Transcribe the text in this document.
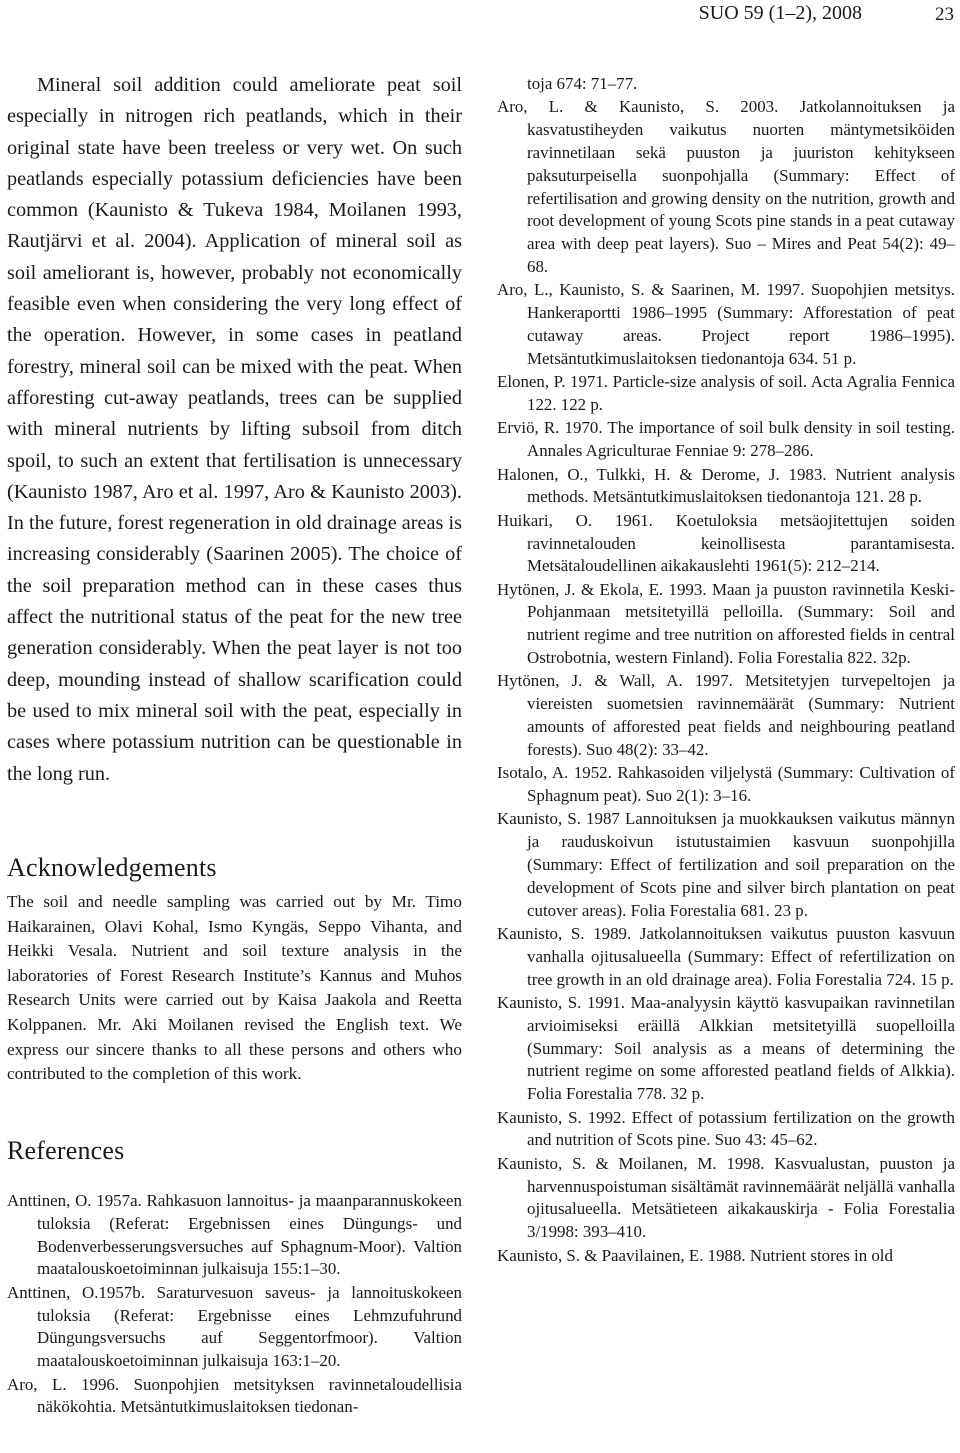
SUO 59 (1–2), 2008	23

Mineral soil addition could ameliorate peat soil especially in nitrogen rich peatlands, which in their original state have been treeless or very wet. On such peatlands especially potassium deficiencies have been common (Kaunisto & Tukeva 1984, Moilanen 1993, Rautjärvi et al. 2004). Application of mineral soil as soil ameliorant is, however, probably not economically feasible even when considering the very long effect of the operation. However, in some cases in peatland forestry, mineral soil can be mixed with the peat. When afforesting cut-away peatlands, trees can be supplied with mineral nutrients by lifting subsoil from ditch spoil, to such an extent that fertilisation is unnecessary (Kaunisto 1987, Aro et al. 1997, Aro & Kaunisto 2003). In the future, forest regeneration in old drainage areas is increasing considerably (Saarinen 2005). The choice of the soil preparation method can in these cases thus affect the nutritional status of the peat for the new tree generation considerably. When the peat layer is not too deep, mounding instead of shallow scarification could be used to mix mineral soil with the peat, especially in cases where potassium nutrition can be questionable in the long run.

Acknowledgements

The soil and needle sampling was carried out by Mr. Timo Haikarainen, Olavi Kohal, Ismo Kyngäs, Seppo Vihanta, and Heikki Vesala. Nutrient and soil texture analysis in the laboratories of Forest Research Institute’s Kannus and Muhos Research Units were carried out by Kaisa Jaakola and Reetta Kolppanen. Mr. Aki Moilanen revised the English text. We express our sincere thanks to all these persons and others who contributed to the completion of this work.

References

Anttinen, O. 1957a. Rahkasuon lannoitus- ja maanparannuskokeen tuloksia (Referat: Ergebnissen eines Düngungs- und Bodenverbesserungsversuches auf Sphagnum-Moor). Valtion maatalouskoetoiminnan julkaisuja 155:1–30.

Anttinen, O.1957b. Saraturvesuon saveus- ja lannoituskokeen tuloksia (Referat: Ergebnisse eines Lehmzufuhrund Düngungsversuchs auf Seggentorfmoor). Valtion maatalouskoetoiminnan julkaisuja 163:1–20.

Aro, L. 1996. Suonpohjien metsityksen ravinnetaloudellisia näkökohtia. Metsäntutkimuslaitoksen tiedonan-

toja 674: 71–77.

Aro, L. & Kaunisto, S. 2003. Jatkolannoituksen ja kasvatustiheyden vaikutus nuorten mäntymetsiköiden ravinnetilaan sekä puuston ja juuriston kehitykseen paksuturpeisella suonpohjalla (Summary: Effect of refertilisation and growing density on the nutrition, growth and root development of young Scots pine stands in a peat cutaway area with deep peat layers). Suo – Mires and Peat 54(2): 49–68.

Aro, L., Kaunisto, S. & Saarinen, M. 1997. Suopohjien metsitys. Hankeraportti 1986–1995 (Summary: Afforestation of peat cutaway areas. Project report 1986–1995). Metsäntutkimuslaitoksen tiedonantoja 634. 51 p.

Elonen, P. 1971. Particle-size analysis of soil. Acta Agralia Fennica 122. 122 p.

Erviö, R. 1970. The importance of soil bulk density in soil testing. Annales Agriculturae Fenniae 9: 278–286.

Halonen, O., Tulkki, H. & Derome, J. 1983. Nutrient analysis methods. Metsäntutkimuslaitoksen tiedonantoja 121. 28 p.

Huikari, O. 1961. Koetuloksia metsäojitettujen soiden ravinnetalouden keinollisesta parantamisesta. Metsätaloudellinen aikakauslehti 1961(5): 212–214.

Hytönen, J. & Ekola, E. 1993. Maan ja puuston ravinnetila Keski-Pohjanmaan metsitetyillä pelloilla. (Summary: Soil and nutrient regime and tree nutrition on afforested fields in central Ostrobotnia, western Finland). Folia Forestalia 822. 32p.

Hytönen, J. & Wall, A. 1997. Metsitetyjen turvepeltojen ja viereisten suometsien ravinnemäärät (Summary: Nutrient amounts of afforested peat fields and neighbouring peatland forests). Suo 48(2): 33–42.

Isotalo, A. 1952. Rahkasoiden viljelystä (Summary: Cultivation of Sphagnum peat). Suo 2(1): 3–16.

Kaunisto, S. 1987 Lannoituksen ja muokkauksen vaikutus männyn ja rauduskoivun istutustaimien kasvuun suonpohjilla (Summary: Effect of fertilization and soil preparation on the development of Scots pine and silver birch plantation on peat cutover areas). Folia Forestalia 681. 23 p.

Kaunisto, S. 1989. Jatkolannoituksen vaikutus puuston kasvuun vanhalla ojitusalueella (Summary: Effect of refertilization on tree growth in an old drainage area). Folia Forestalia 724. 15 p.

Kaunisto, S. 1991. Maa-analyysin käyttö kasvupaikan ravinnetilan arvioimiseksi eräillä Alkkian metsitetyillä suopelloilla (Summary: Soil analysis as a means of determining the nutrient regime on some afforested peatland fields of Alkkia). Folia Forestalia 778. 32 p.

Kaunisto, S. 1992. Effect of potassium fertilization on the growth and nutrition of Scots pine. Suo 43: 45–62.

Kaunisto, S. & Moilanen, M. 1998. Kasvualustan, puuston ja harvennuspoistuman sisältämät ravinnemäärät neljällä vanhalla ojitusalueella. Metsätieteen aikakauskirja - Folia Forestalia 3/1998: 393–410.

Kaunisto, S. & Paavilainen, E. 1988. Nutrient stores in old
